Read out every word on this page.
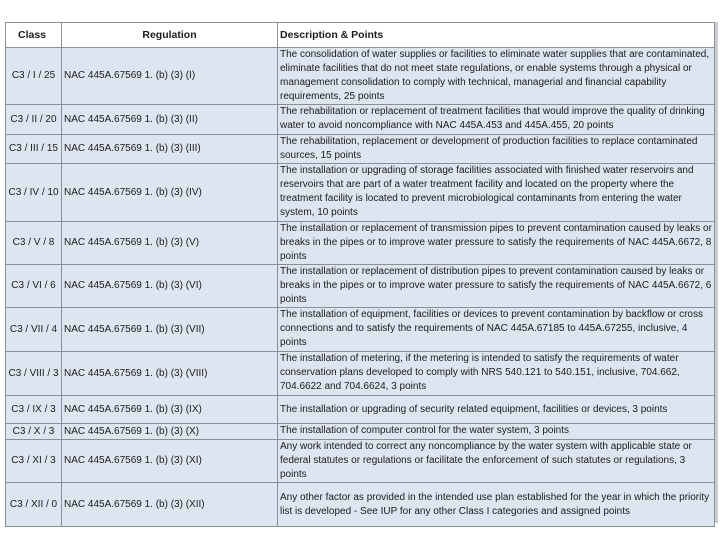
Class	Regulation	Description & Points
C3 / I / 25	NAC 445A.67569 1. (b) (3) (I)	The consolidation of water supplies or facilities to eliminate water supplies that are contaminated, eliminate facilities that do not meet state regulations, or enable systems through a physical or management consolidation to comply with technical, managerial and financial capability requirements, 25 points
C3 / II / 20	NAC 445A.67569 1. (b) (3) (II)	The rehabilitation or replacement of treatment facilities that would improve the quality of drinking water to avoid noncompliance with NAC 445A.453 and 445A.455, 20 points
C3 / III / 15	NAC 445A.67569 1. (b) (3) (III)	The rehabilitation, replacement or development of production facilities to replace contaminated sources, 15 points
C3 / IV / 10	NAC 445A.67569 1. (b) (3) (IV)	The installation or upgrading of storage facilities associated with finished water reservoirs and reservoirs that are part of a water treatment facility and located on the property where the treatment facility is located to prevent microbiological contaminants from entering the water system, 10 points
C3 / V / 8	NAC 445A.67569 1. (b) (3) (V)	The installation or replacement of transmission pipes to prevent contamination caused by leaks or breaks in the pipes or to improve water pressure to satisfy the requirements of NAC 445A.6672, 8 points
C3 / VI / 6	NAC 445A.67569 1. (b) (3) (VI)	The installation or replacement of distribution pipes to prevent contamination caused by leaks or breaks in the pipes or to improve water pressure to satisfy the requirements of NAC 445A.6672, 6 points
C3 / VII / 4	NAC 445A.67569 1. (b) (3) (VII)	The installation of equipment, facilities or devices to prevent contamination by backflow or cross connections and to satisfy the requirements of NAC 445A.67185 to 445A.67255, inclusive, 4 points
C3 / VIII / 3	NAC 445A.67569 1. (b) (3) (VIII)	The installation of metering, if the metering is intended to satisfy the requirements of water conservation plans developed to comply with NRS 540.121 to 540.151, inclusive, 704.662, 704.6622 and 704.6624, 3 points
C3 / IX / 3	NAC 445A.67569 1. (b) (3) (IX)	The installation or upgrading of security related equipment, facilities or devices, 3 points
C3 / X / 3	NAC 445A.67569 1. (b) (3) (X)	The installation of computer control for the water system, 3 points
C3 / XI / 3	NAC 445A.67569 1. (b) (3) (XI)	Any work intended to correct any noncompliance by the water system with applicable state or federal statutes or regulations or facilitate the enforcement of such statutes or regulations, 3 points
C3 / XII / 0	NAC 445A.67569 1. (b) (3) (XII)	Any other factor as provided in the intended use plan established for the year in which the priority list is developed - See IUP for any other Class I categories and assigned points
